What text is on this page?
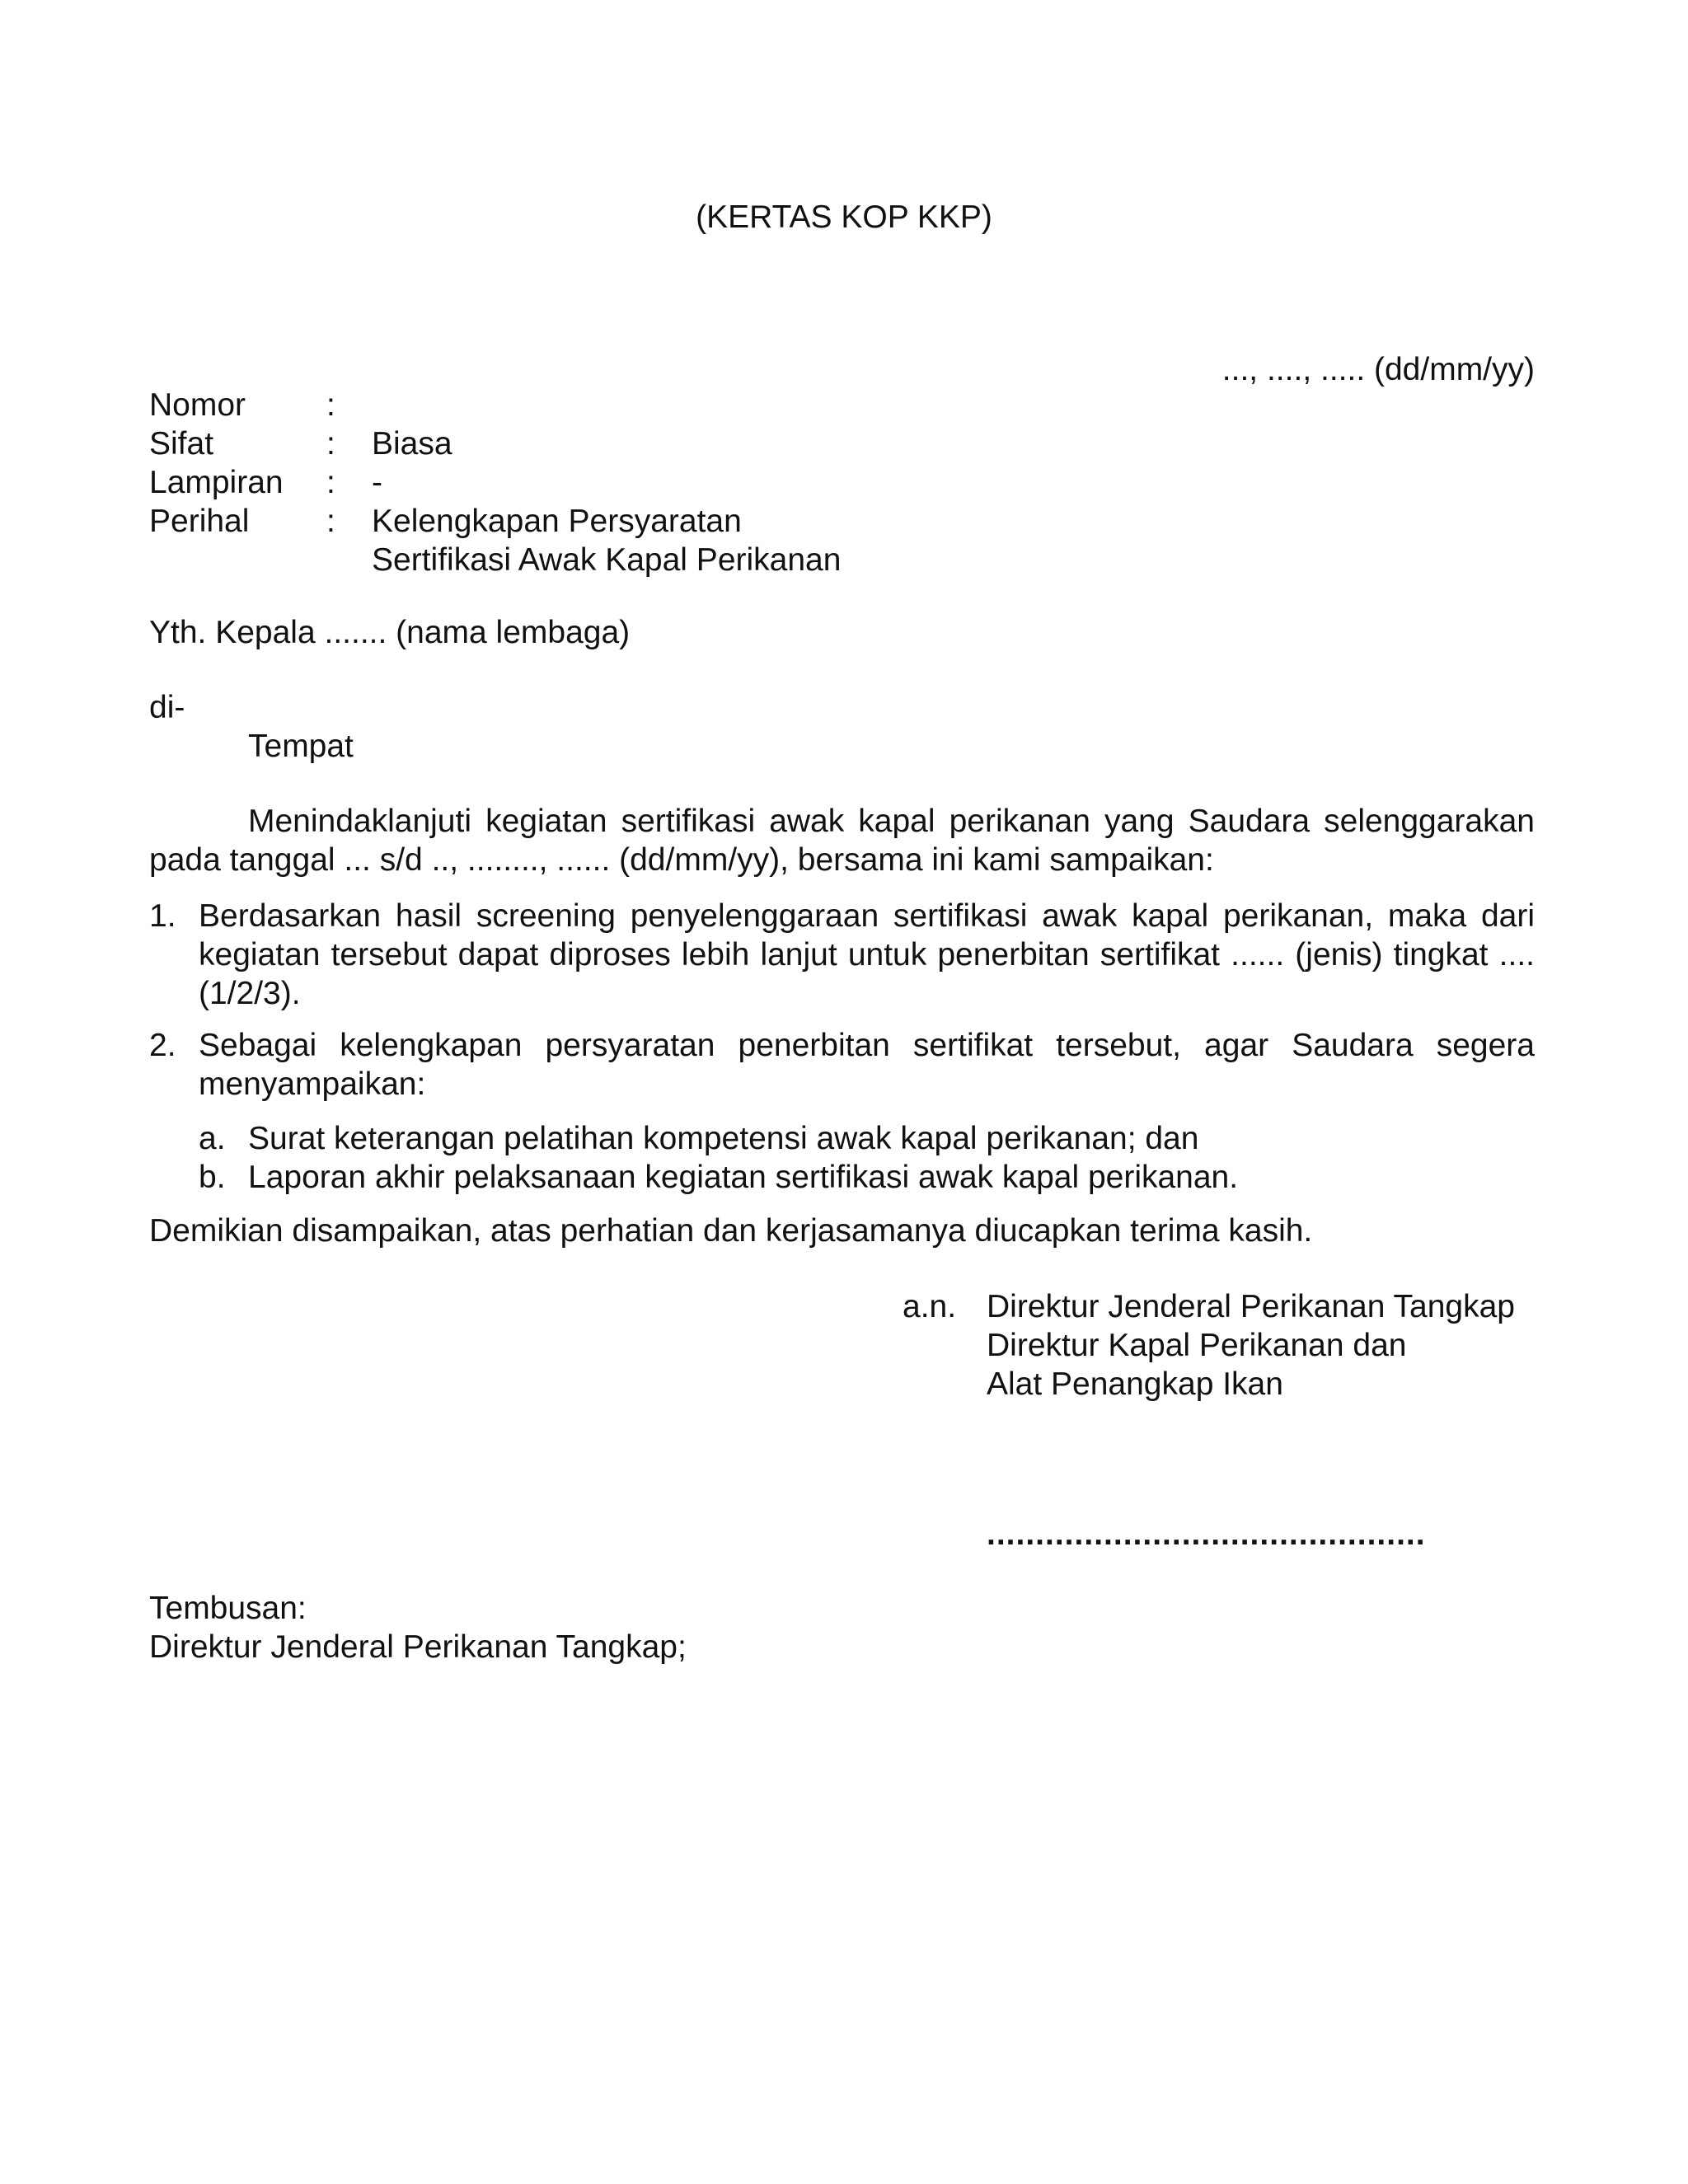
(KERTAS KOP KKP)
..., ...., ..... (dd/mm/yy)
Nomor	:
Sifat	:	Biasa
Lampiran	:	-
Perihal	:	Kelengkapan Persyaratan
Sertifikasi Awak Kapal Perikanan
Yth. Kepala ....... (nama lembaga)
di-
Tempat
Menindaklanjuti kegiatan sertifikasi awak kapal perikanan yang Saudara selenggarakan pada tanggal ... s/d .., ........, ...... (dd/mm/yy), bersama ini kami sampaikan:
1. Berdasarkan hasil screening penyelenggaraan sertifikasi awak kapal perikanan, maka dari kegiatan tersebut dapat diproses lebih lanjut untuk penerbitan sertifikat ...... (jenis) tingkat .... (1/2/3).
2. Sebagai kelengkapan persyaratan penerbitan sertifikat tersebut, agar Saudara segera menyampaikan:
a. Surat keterangan pelatihan kompetensi awak kapal perikanan; dan
b. Laporan akhir pelaksanaan kegiatan sertifikasi awak kapal perikanan.
Demikian disampaikan, atas perhatian dan kerjasamanya diucapkan terima kasih.
a.n. Direktur Jenderal Perikanan Tangkap
Direktur Kapal Perikanan dan
Alat Penangkap Ikan
.............................................
Tembusan:
Direktur Jenderal Perikanan Tangkap;
